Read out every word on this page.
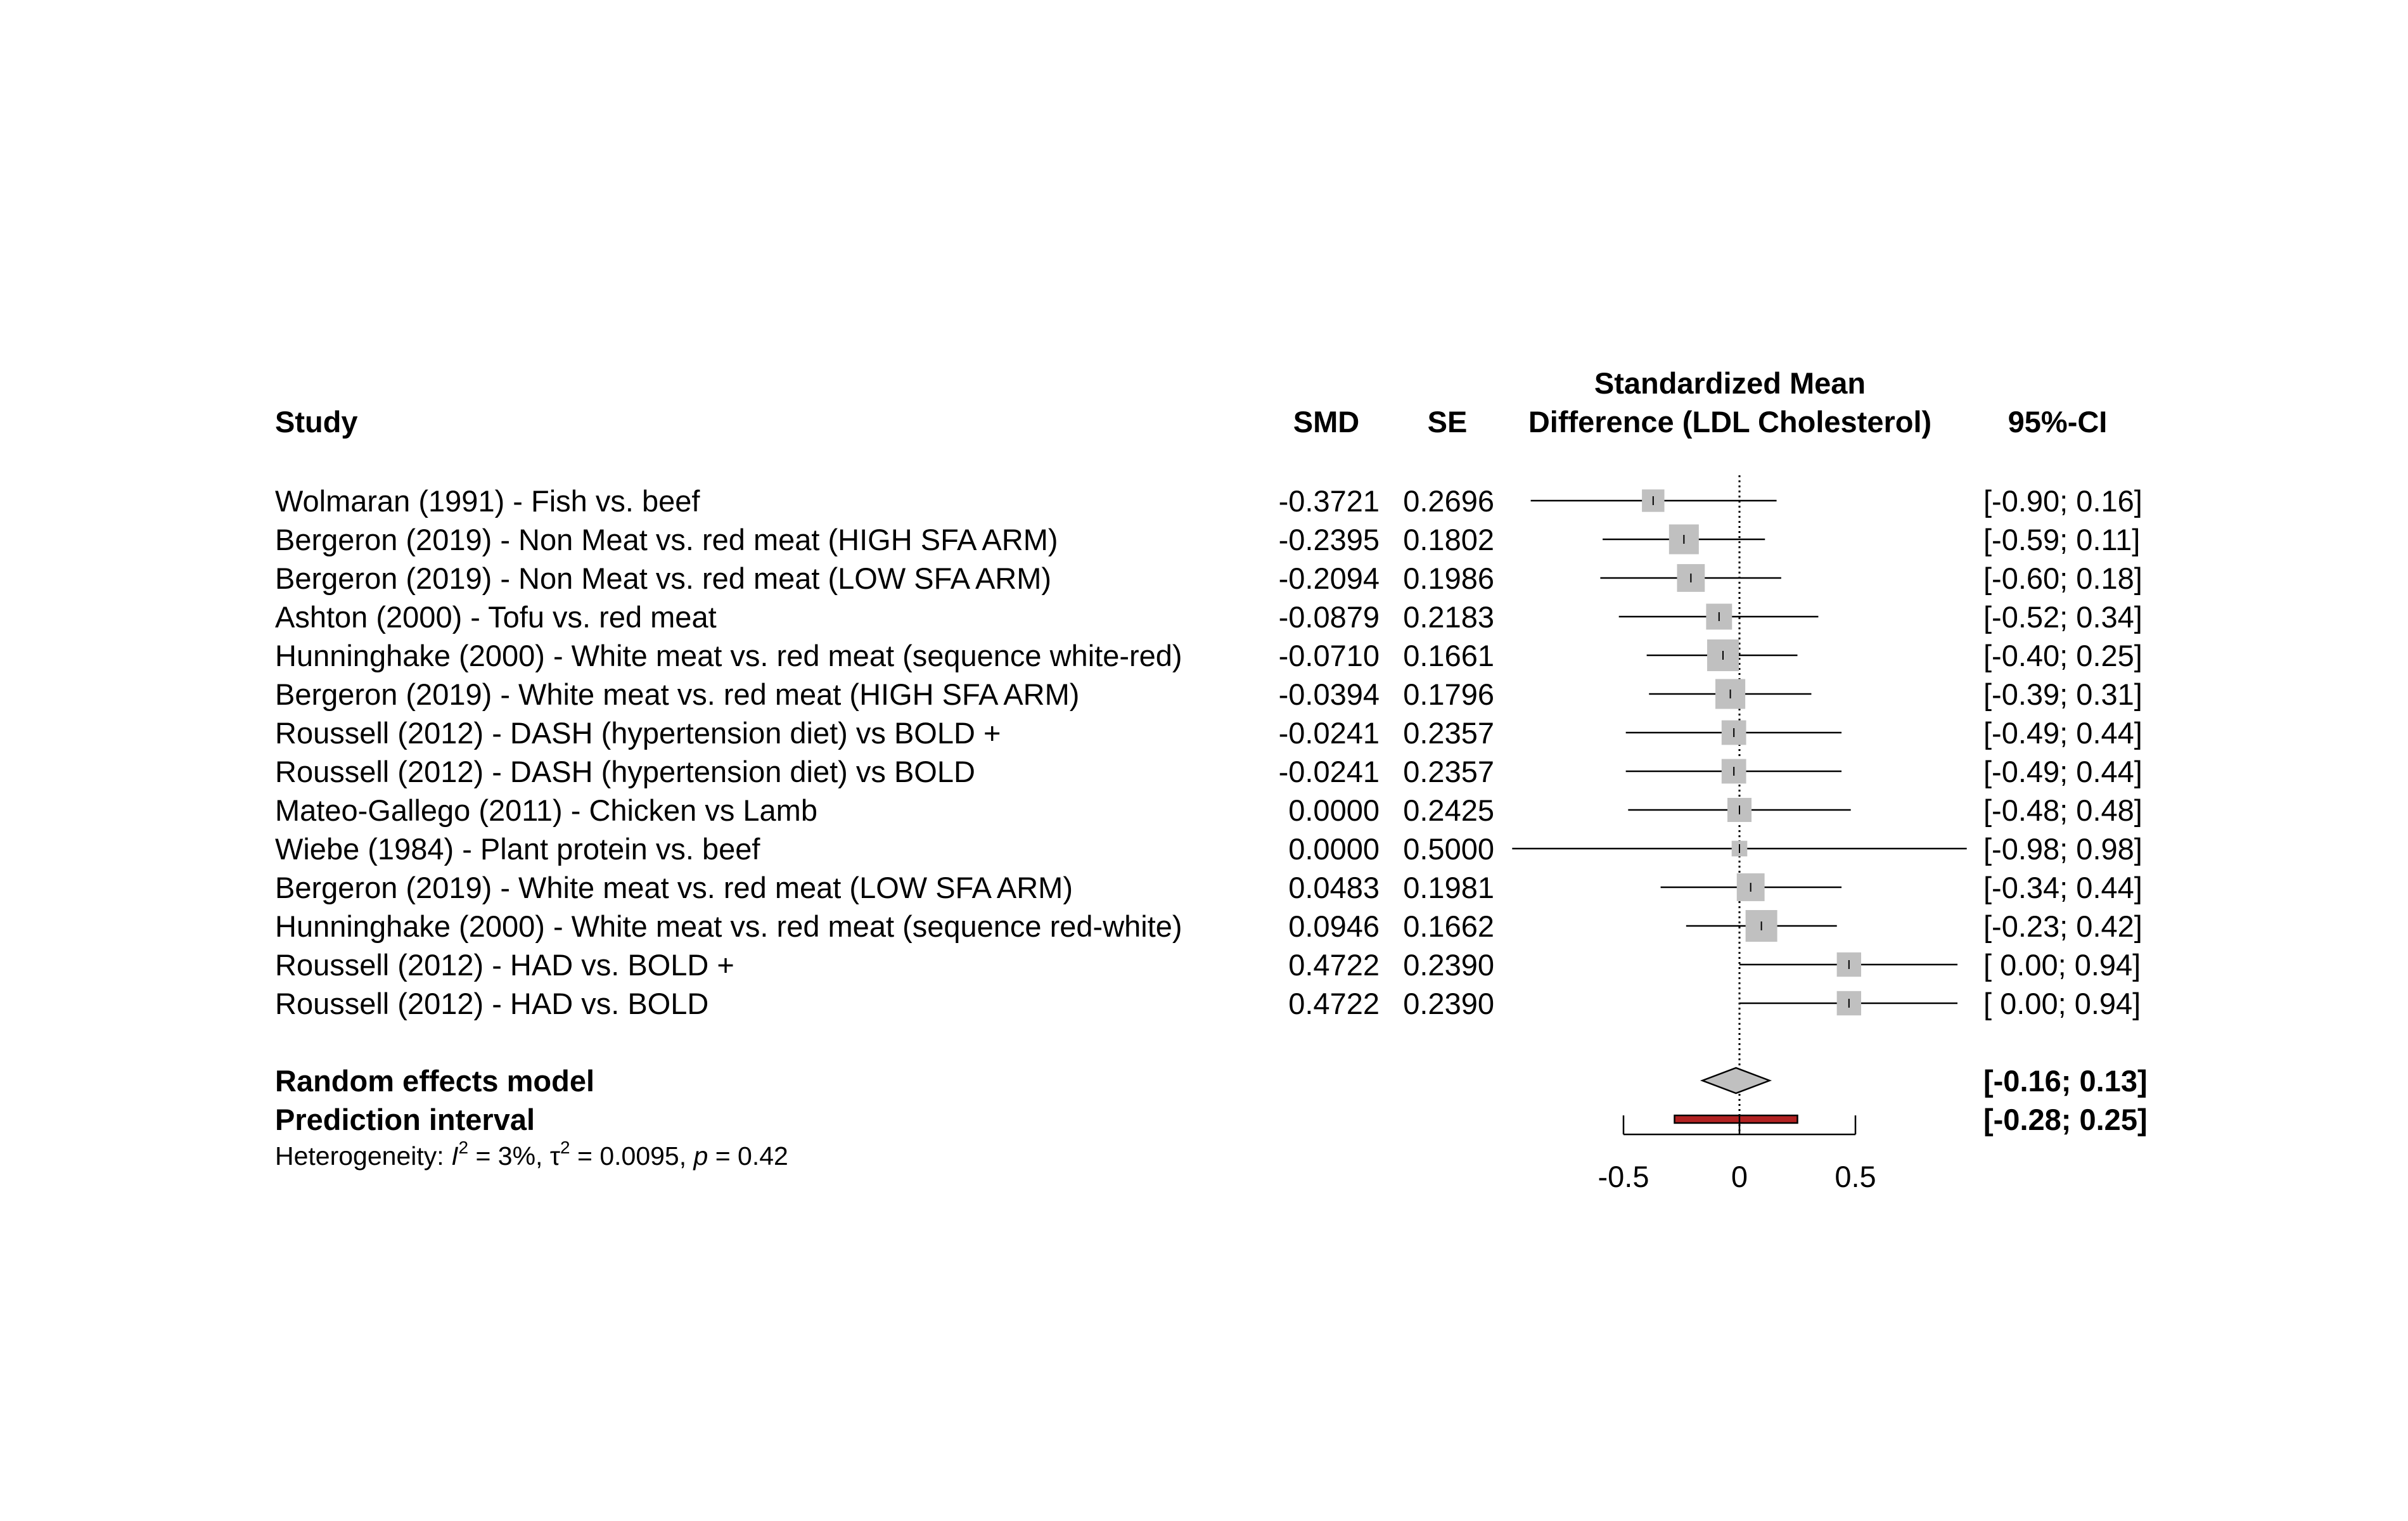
Study	SMD SE
Standardized Mean
Difference (LDL Cholesterol)	95%-CI
Wolmaran (1991) - Fish vs. beef	-0.3721 0.2696	[-0.90; 0.16]
Bergeron (2019) - Non Meat vs. red meat (HIGH SFA ARM)	-0.2395 0.1802	[-0.59; 0.11]
Bergeron (2019) - Non Meat vs. red meat (LOW SFA ARM)	-0.2094 0.1986	[-0.60; 0.18]
Ashton (2000) - Tofu vs. red meat	-0.0879 0.2183	[-0.52; 0.34]
Hunninghake (2000) - White meat vs. red meat (sequence white-red)	-0.0710 0.1661	[-0.40; 0.25]
Bergeron (2019) - White meat vs. red meat (HIGH SFA ARM)	-0.0394 0.1796	[-0.39; 0.31]
Roussell (2012) - DASH (hypertension diet) vs BOLD +	-0.0241 0.2357	[-0.49; 0.44]
Roussell (2012) - DASH (hypertension diet) vs BOLD	-0.0241 0.2357	[-0.49; 0.44]
Mateo-Gallego (2011) - Chicken vs Lamb	0.0000 0.2425	[-0.48; 0.48]
Wiebe (1984) - Plant protein vs. beef	0.0000 0.5000	[-0.98; 0.98]
Bergeron (2019) - White meat vs. red meat (LOW SFA ARM)	0.0483 0.1981	[-0.34; 0.44]
Hunninghake (2000) - White meat vs. red meat (sequence red-white)	0.0946 0.1662	[-0.23; 0.42]
Roussell (2012) - HAD vs. BOLD +	0.4722 0.2390	[ 0.00; 0.94]
Roussell (2012) - HAD vs. BOLD	0.4722 0.2390	[ 0.00; 0.94]
Random effects model	[-0.16; 0.13]
Prediction interval	[-0.28; 0.25]
Heterogeneity: $I^2 = 3\%$, $\tau^2 = 0.0095$, p = 0.42
-0.5	0	0.5
